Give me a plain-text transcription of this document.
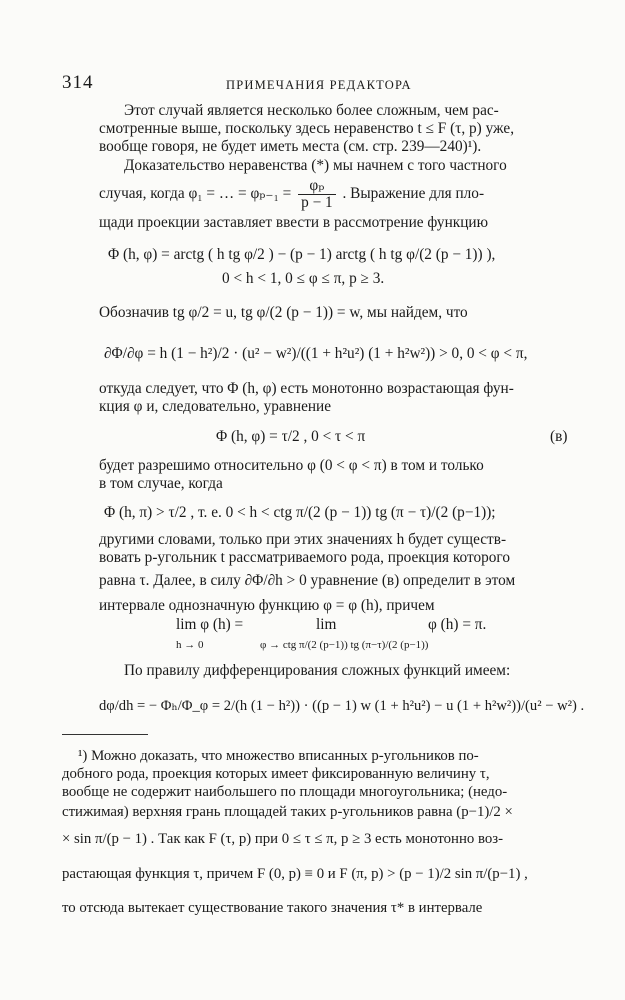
314	ПРИМЕЧАНИЯ РЕДАКТОРА
Этот случай является несколько более сложным, чем рас-
смотренные выше, поскольку здесь неравенство t ≤ F (τ, p) уже,
вообще говоря, не будет иметь места (см. стр. 239—240)¹).
Доказательство неравенства (*) мы начнем с того частного
случая, когда φ₁ = … = $\varphi_{p-1} = \frac{\text{φₚ}}{p - 1}$ . Выражение для пло-
щади проекции заставляет ввести в рассмотрение функцию
Φ (h, φ) = arctg ( h tg φ/2 ) − (p − 1) arctg ( h tg φ/(2 (p − 1)) ),
0 < h < 1, 0 ≤ φ ≤ π, p ≥ 3.
Обозначив tg φ/2 = u, tg φ/(2 (p − 1)) = w, мы найдем, что
∂Φ/∂φ = h (1 − h²)/2 · (u² − w²)/((1 + h²u²) (1 + h²w²)) > 0, 0 < φ < π,
откуда следует, что Φ (h, φ) есть монотонно возрастающая фун-
кция φ и, следовательно, уравнение
Φ (h, φ) = τ/2 , 0 < τ < π	(в)
будет разрешимо относительно φ (0 < φ < π) в том и только
в том случае, когда
Φ (h, π) > τ/2 , т. е. 0 < h < ctg π/(2 (p − 1)) tg (π − τ)/(2 (p−1));
другими словами, только при этих значениях h будет существ-
вовать p-угольник t рассматриваемого рода, проекция которого
равна τ. Далее, в силу ∂Φ/∂h > 0 уравнение (в) определит в этом
интервале однозначную функцию φ = φ (h), причем
lim φ (h) =	lim	φ (h) = π.
h → 0	φ → ctg π/(2 (p−1)) tg (π−τ)/(2 (p−1))
По правилу дифференцирования сложных функций имеем:
dφ/dh = − Φₕ/Φ_φ = 2/(h (1 − h²)) · ((p − 1) w (1 + h²u²) − u (1 + h²w²))/(u² − w²) .
¹) Можно доказать, что множество вписанных p-угольников по-
добного рода, проекция которых имеет фиксированную величину τ,
вообще не содержит наибольшего по площади многоугольника; (недо-
стижимая) верхняя грань площадей таких p-угольников равна (p−1)/2 ×
× sin π/(p − 1) . Так как F (τ, p) при 0 ≤ τ ≤ π, p ≥ 3 есть монотонно воз-
растающая функция τ, причем F (0, p) ≡ 0 и F (π, p) > (p − 1)/2 sin π/(p−1) ,
то отсюда вытекает существование такого значения τ* в интервале
